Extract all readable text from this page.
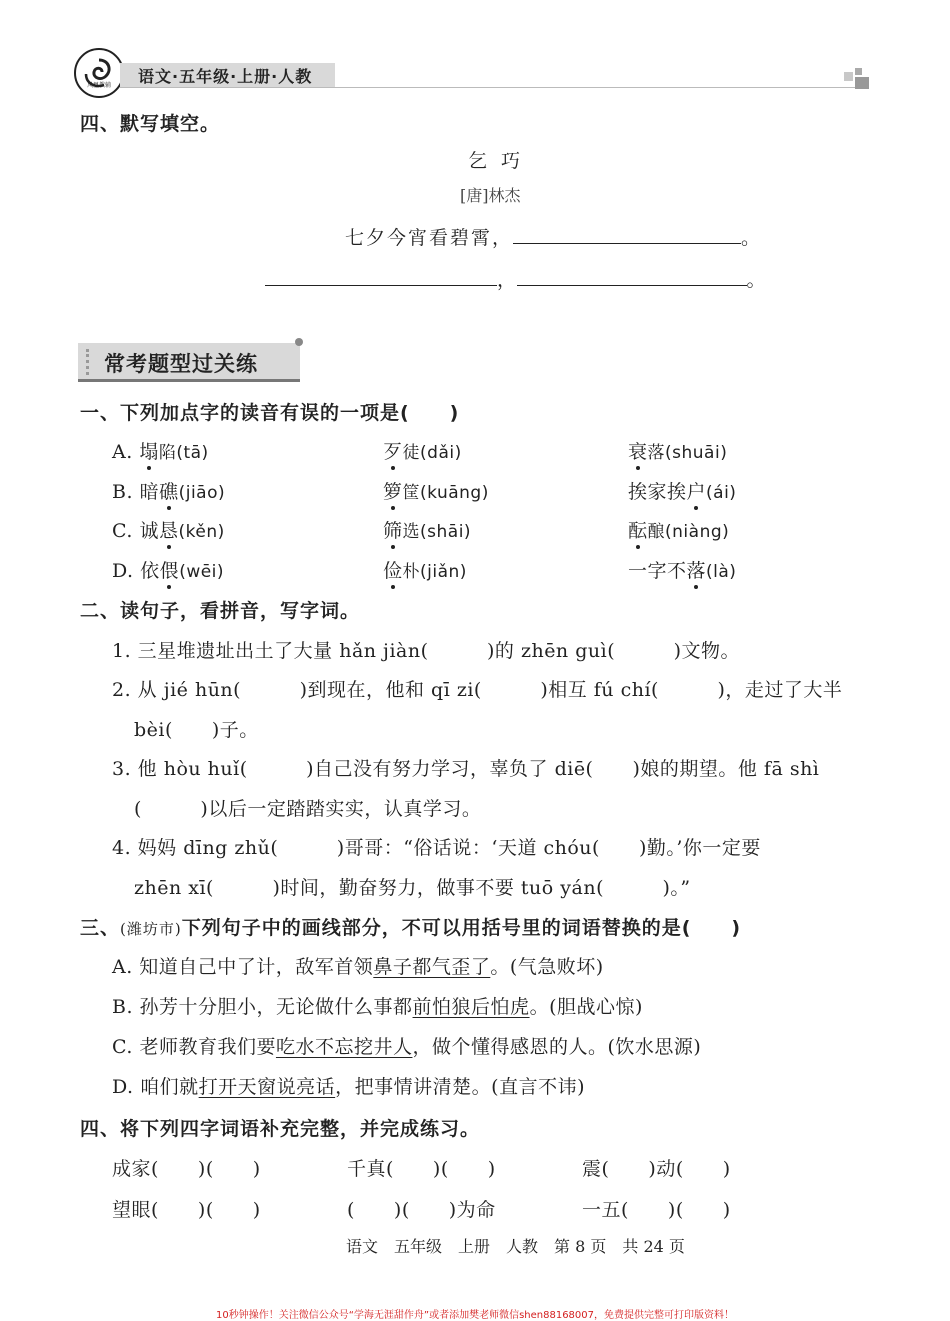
风凰教辅	语文·五年级·上册·人教
四、默写填空。
乞 巧
[唐]林杰
七夕今宵看碧霄，	。
，	。
常考题型过关练
一、下列加点字的读音有误的一项是(　　)
A. 塌陷(tā)	歹徒(dǎi)	衰落(shuāi)
B. 暗礁(jiāo)	箩筐(kuāng)	挨家挨户(ái)
C. 诚恳(kěn)	筛选(shāi)	酝酿(niàng)
D. 依偎(wēi)	俭朴(jiǎn)	一字不落(là)
二、读句子，看拼音，写字词。
1. 三星堆遗址出土了大量 hǎn jiàn(　　　)的 zhēn guì(　　　)文物。
2. 从 jié hūn(　　　)到现在，他和 qī zi(　　　)相互 fú chí(　　　)，走过了大半
bèi(　　)子。
3. 他 hòu huǐ(　　　)自己没有努力学习，辜负了 diē(　　)娘的期望。他 fā shì
(　　　)以后一定踏踏实实，认真学习。
4. 妈妈 dīng zhǔ(　　　)哥哥：“俗话说：‘天道 chóu(　　)勤。’你一定要
zhēn xī(　　　)时间，勤奋努力，做事不要 tuō yán(　　　)。”
三、(潍坊市)下列句子中的画线部分，不可以用括号里的词语替换的是(　　)
A. 知道自己中了计，敌军首领鼻子都气歪了。(气急败坏)
B. 孙芳十分胆小，无论做什么事都前怕狼后怕虎。(胆战心惊)
C. 老师教育我们要吃水不忘挖井人，做个懂得感恩的人。(饮水思源)
D. 咱们就打开天窗说亮话，把事情讲清楚。(直言不讳)
四、将下列四字词语补充完整，并完成练习。
成家(　　)(　　)	千真(　　)(　　)	震(　　)动(　　)
望眼(　　)(　　)	(　　)(　　)为命	一五(　　)(　　)
语文　五年级　上册　人教　第 8 页　共 24 页
10秒钟操作！关注微信公众号“学海无涯甜作舟”或者添加樊老师微信shen88168007，免费提供完整可打印版资料！
